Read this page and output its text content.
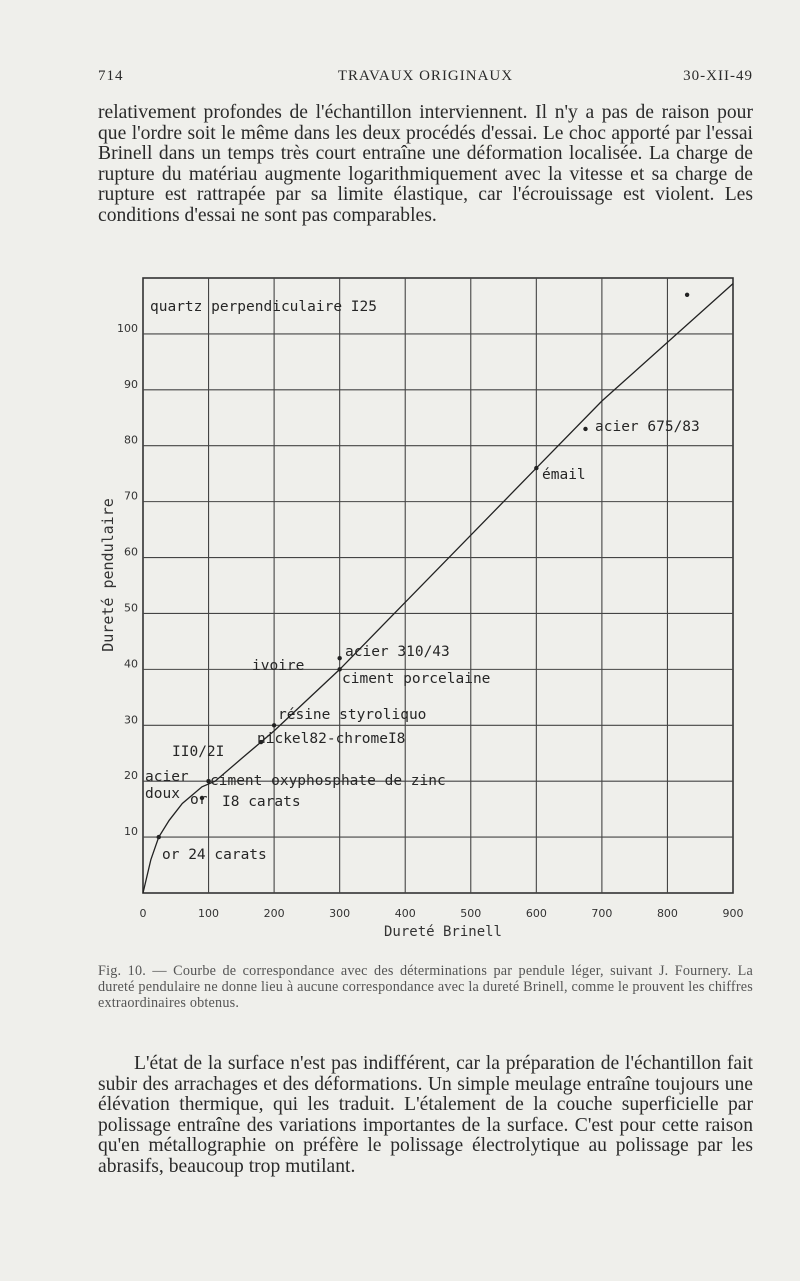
714	TRAVAUX ORIGINAUX	30-XII-49
relativement profondes de l'échantillon interviennent. Il n'y a pas de raison pour que l'ordre soit le même dans les deux procédés d'essai. Le choc apporté par l'essai Brinell dans un temps très court entraîne une déformation localisée. La charge de rupture du matériau augmente logarithmiquement avec la vitesse et sa charge de rupture est rattrapée par sa limite élastique, car l'écrouissage est violent. Les conditions d'essai ne sont pas comparables.
0	100	200	300	400	500	600	700	800	900
10
20
30
40
50
60
70
80
90
100
quartz perpendiculaire I25
acier 675/83
émail
acier 310/43
ivoire
ciment porcelaine
résine styroliquo
nickel82-chromeI8
II0/2I
acier
doux
ciment oxyphosphate de zinc
or I8 carats
or 24 carats
Dureté Brinell
Dureté pendulaire
Fig. 10. — Courbe de correspondance avec des déterminations par pendule léger, suivant J. Fournery. La dureté pendulaire ne donne lieu à aucune correspondance avec la dureté Brinell, comme le prouvent les chiffres extraordinaires obtenus.
L'état de la surface n'est pas indifférent, car la préparation de l'échantillon fait subir des arrachages et des déformations. Un simple meulage entraîne toujours une élévation thermique, qui les traduit. L'étalement de la couche superficielle par polissage entraîne des variations importantes de la surface. C'est pour cette raison qu'en métallographie on préfère le polissage électrolytique au polissage par les abrasifs, beaucoup trop mutilant.
